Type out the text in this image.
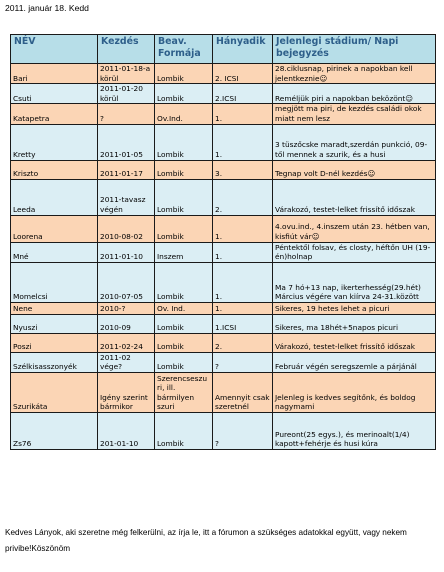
2011. január 18. Kedd
NÉV	Kezdés	Beav. Formája	Hányadik	Jelenlegi stádium/ Napi bejegyzés
Bari	2011-01-18-a körül	Lombik	2. ICSI	28.ciklusnap, pirinek a napokban kell jelentkeznie☺
Csuti	2011-01-20 körül	Lombik	2.ICSI	Reméljük piri a napokban beközönt☺
Katapetra	?	Ov.Ind.	1.	megjött ma piri, de kezdés családi okok miatt nem lesz
Kretty	2011-01-05	Lombik	1.	3 tüszőcske maradt,szerdán punkció, 09-től mennek a szurik, és a husi
Kriszto	2011-01-17	Lombik	3.	Tegnap volt D-nél kezdés☺
Leeda	2011-tavasz végén	Lombik	2.	Várakozó, testet-lelket frissítő időszak
Loorena	2010-08-02	Lombik	1.	4.ovu.ind., 4.inszem után 23. hétben van, kisfiút vár☺
Mné	2011-01-10	Inszem	1.	Péntektől folsav, és closty, héftőn UH (19-én)holnap
Momelcsi	2010-07-05	Lombik	1.	Ma 7 hó+13 nap, ikerterhesség(29.hét) Március végére van kiírva 24-31.között
Nene	2010-?	Ov. Ind.	1.	Sikeres, 19 hetes lehet a picuri
Nyuszi	2010-09	Lombik	1.ICSI	Sikeres, ma 18hét+5napos picuri
Poszi	2011-02-24	Lombik	2.	Várakozó, testet-lelket frissítő időszak
Szélkisasszonyék	2011-02 vége?	Lombik	?	Február végén seregszemle a párjánál
Szurikáta	Igény szerint bármikor	Szerencseszuri, ill. bármilyen szuri	Amennyit csak szeretnél	Jelenleg is kedves segítőnk, és boldog nagymami
Zs76	201-01-10	Lombik	?	Pureont(25 egys.), és merinoalt(1/4) kapott+fehérje és husi kúra
Kedves Lányok, aki szeretne még felkerülni, az írja le, itt a fórumon a szükséges adatokkal együtt, vagy nekem privibe!Köszönöm
